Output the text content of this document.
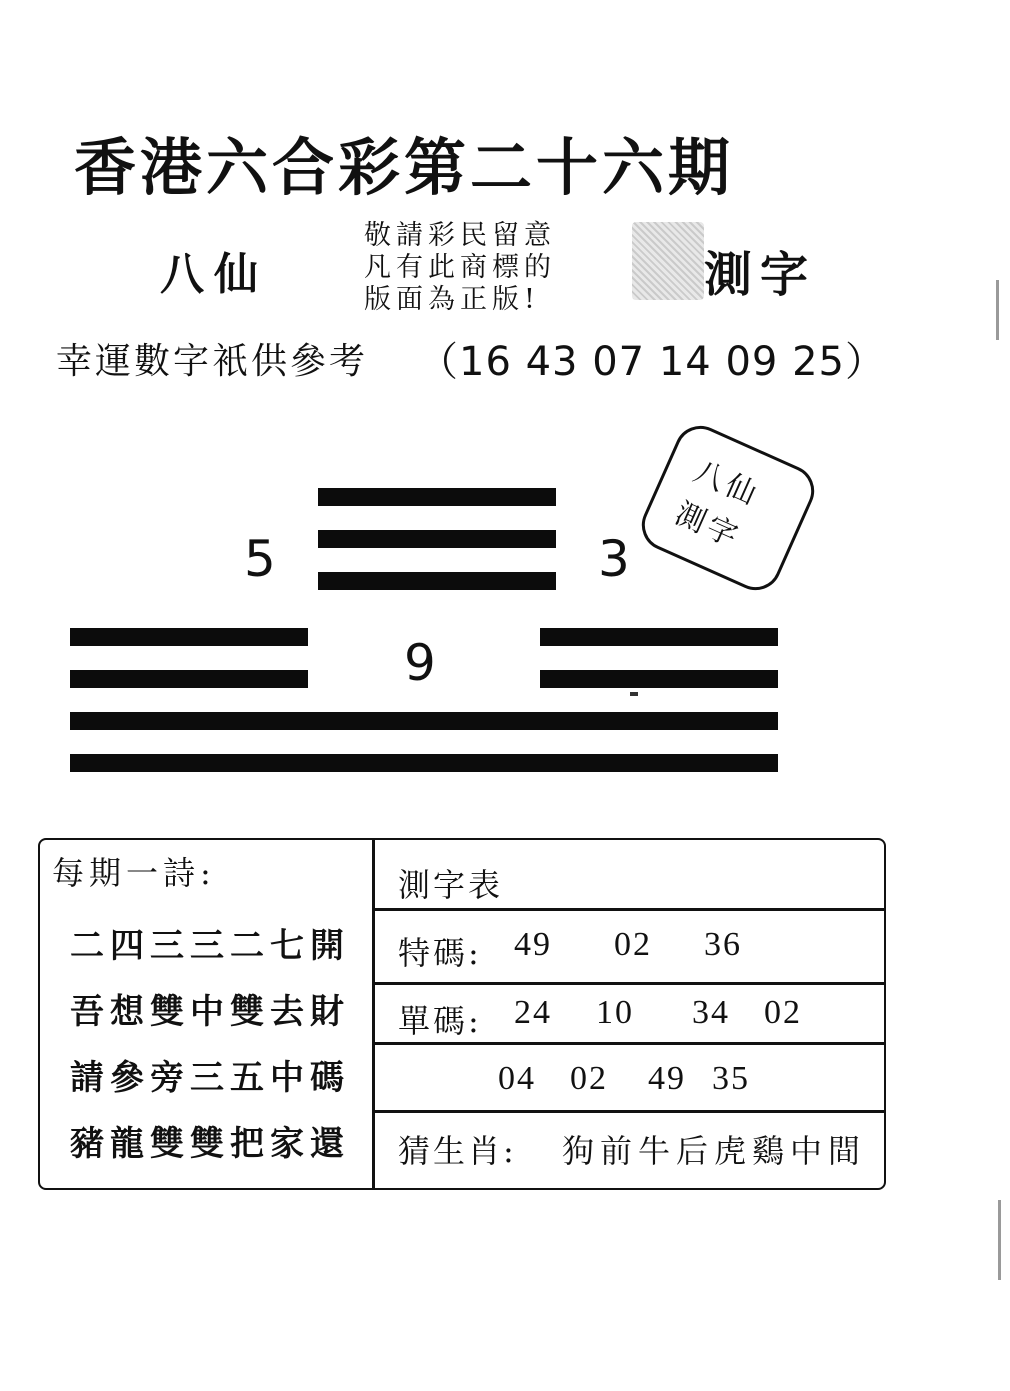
香港六合彩第二十六期
八仙
敬請彩民留意
凡有此商標的
版面為正版!	測字
幸運數字衹供參考 （16 43 07 14 09 25）
5	3
八仙
測字
9
每期一詩:
二四三三二七開
吾想雙中雙去財
請參旁三五中碼
豬龍雙雙把家還
測字表
特碼: 49 02 36
單碼: 24 10 34 02
04 02 49 35
猜生肖: 狗前牛后虎鷄中間
